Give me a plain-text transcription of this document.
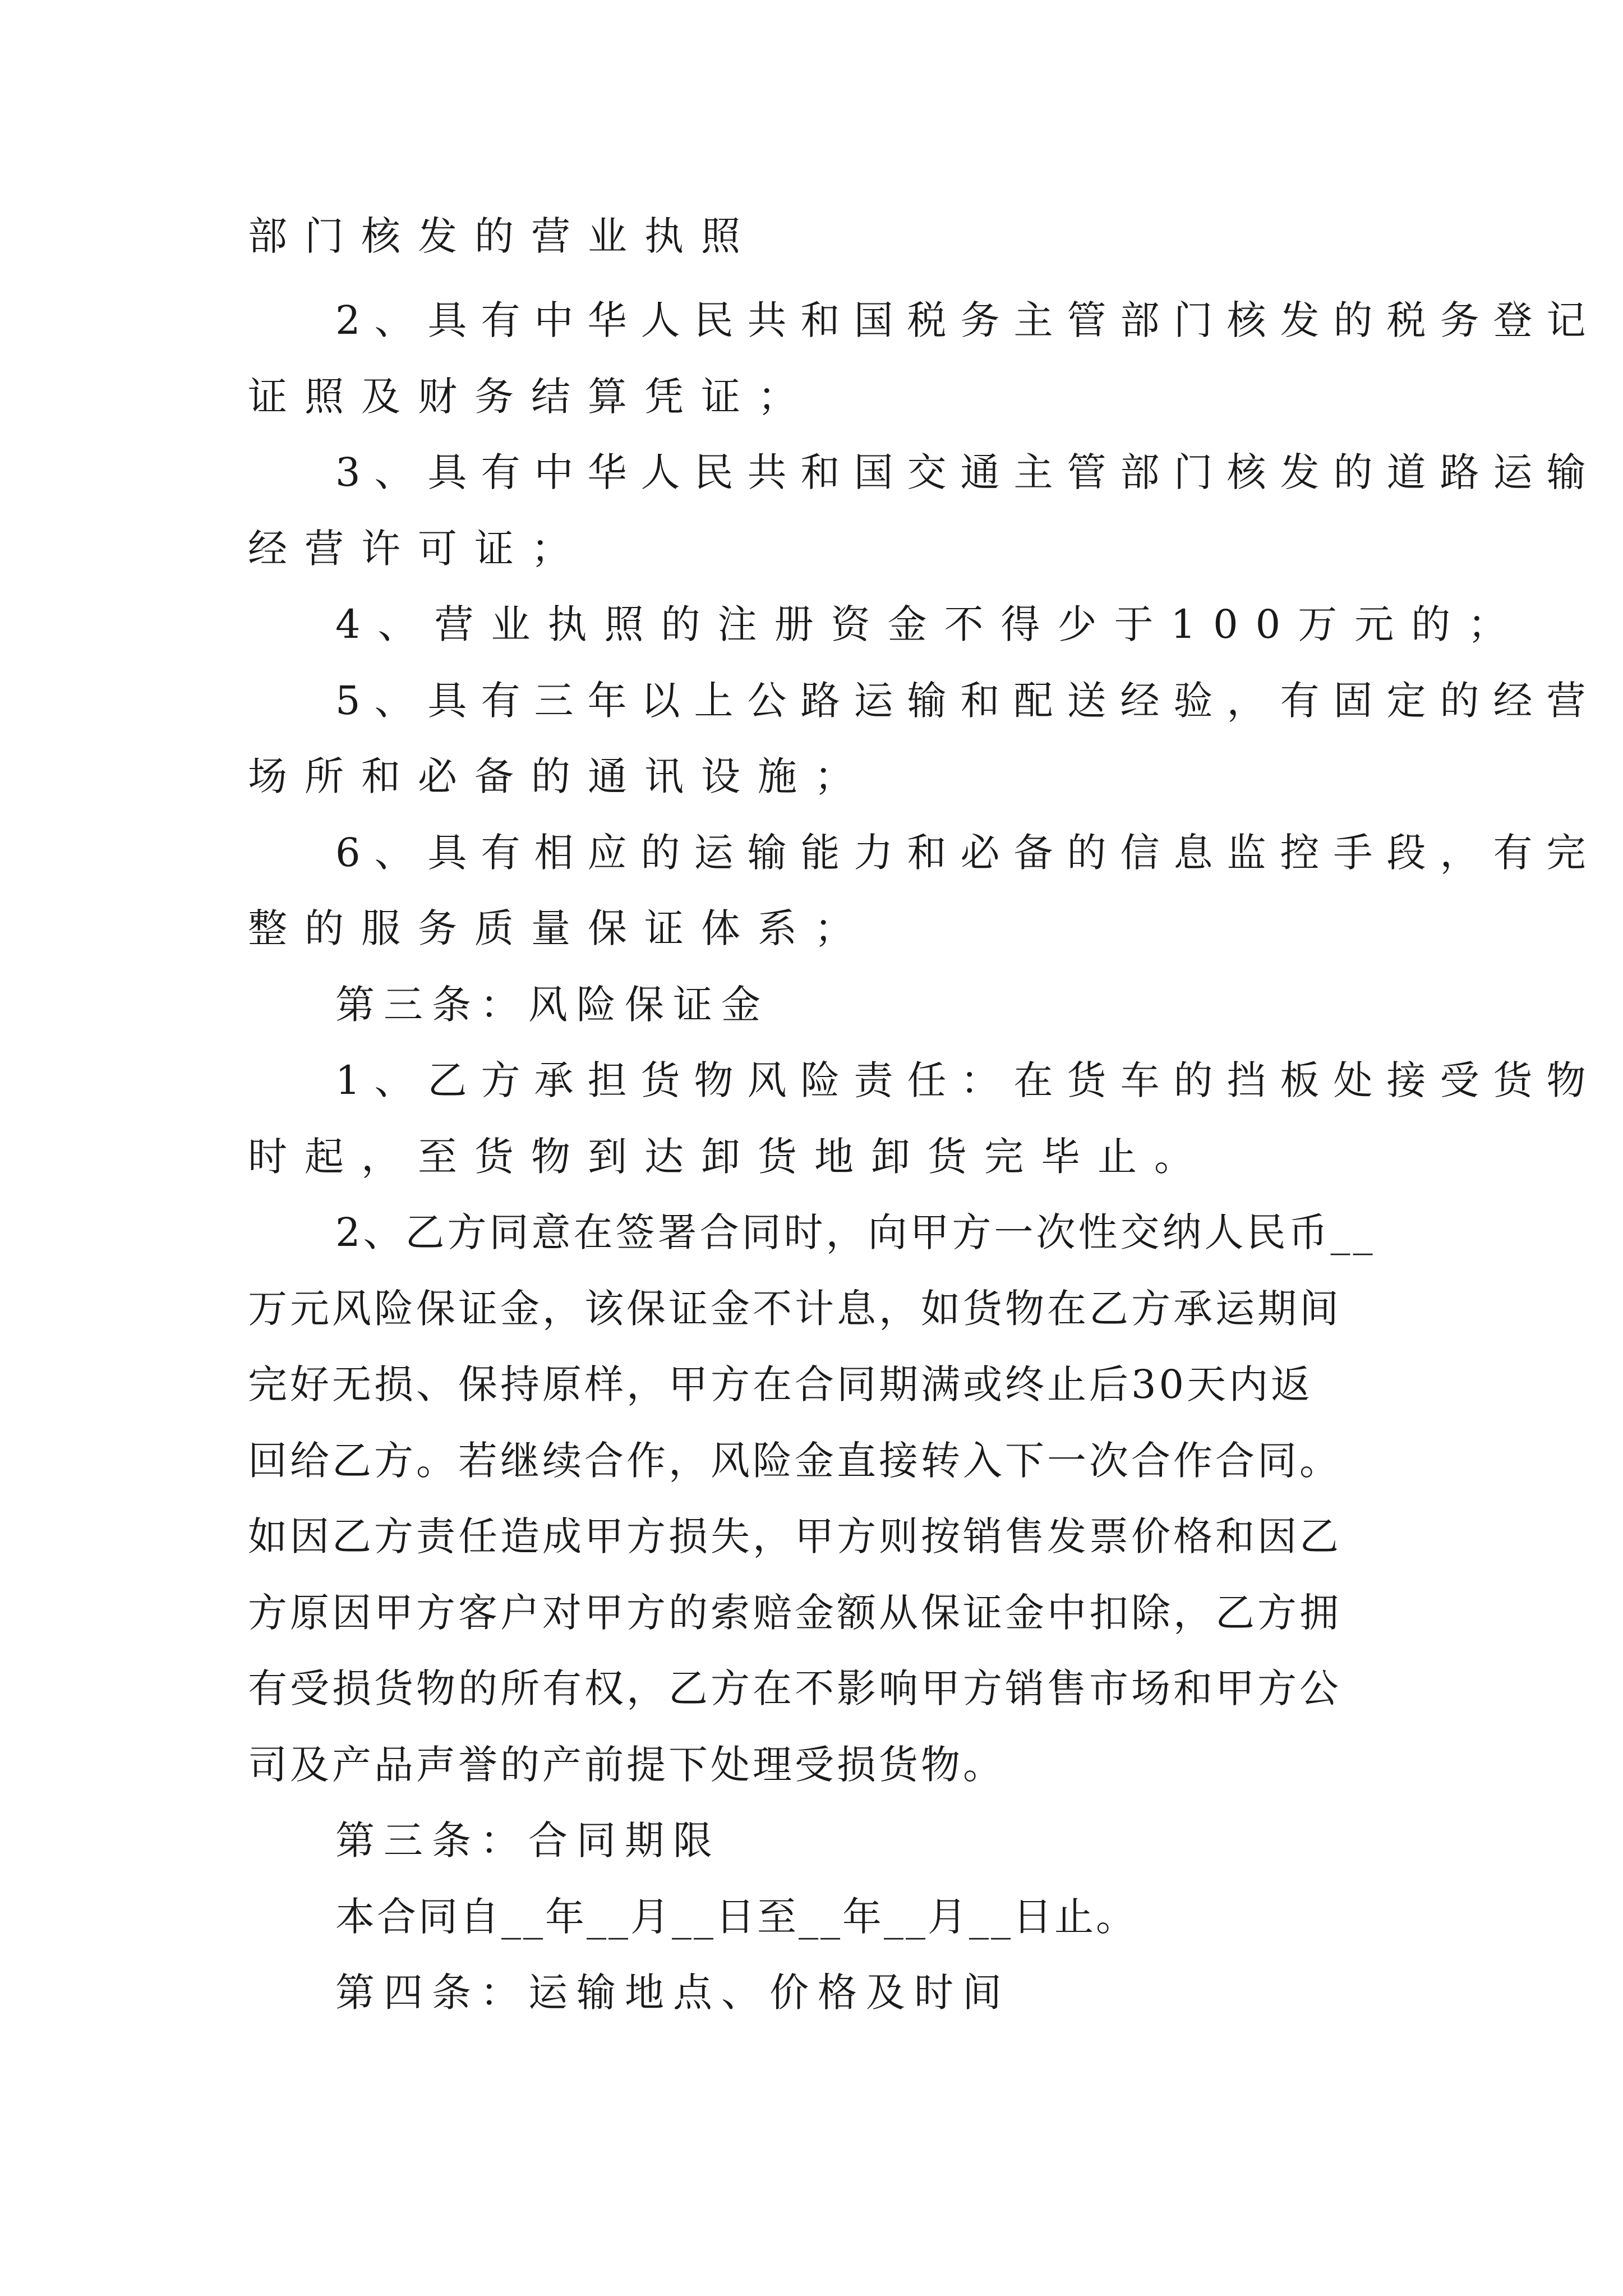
部门核发的营业执照

2、具有中华人民共和国税务主管部门核发的税务登记

证照及财务结算凭证；

3、具有中华人民共和国交通主管部门核发的道路运输

经营许可证；

4、营业执照的注册资金不得少于100万元的；

5、具有三年以上公路运输和配送经验，有固定的经营

场所和必备的通讯设施；

6、具有相应的运输能力和必备的信息监控手段，有完

整的服务质量保证体系；

第三条：风险保证金

1、乙方承担货物风险责任：在货车的挡板处接受货物

时起，至货物到达卸货地卸货完毕止。

2、乙方同意在签署合同时，向甲方一次性交纳人民币__

万元风险保证金，该保证金不计息，如货物在乙方承运期间

完好无损、保持原样，甲方在合同期满或终止后30天内返

回给乙方。若继续合作，风险金直接转入下一次合作合同。

如因乙方责任造成甲方损失，甲方则按销售发票价格和因乙

方原因甲方客户对甲方的索赔金额从保证金中扣除，乙方拥

有受损货物的所有权，乙方在不影响甲方销售市场和甲方公

司及产品声誉的产前提下处理受损货物。

第三条：合同期限

本合同自__年__月__日至__年__月__日止。

第四条：运输地点、价格及时间
